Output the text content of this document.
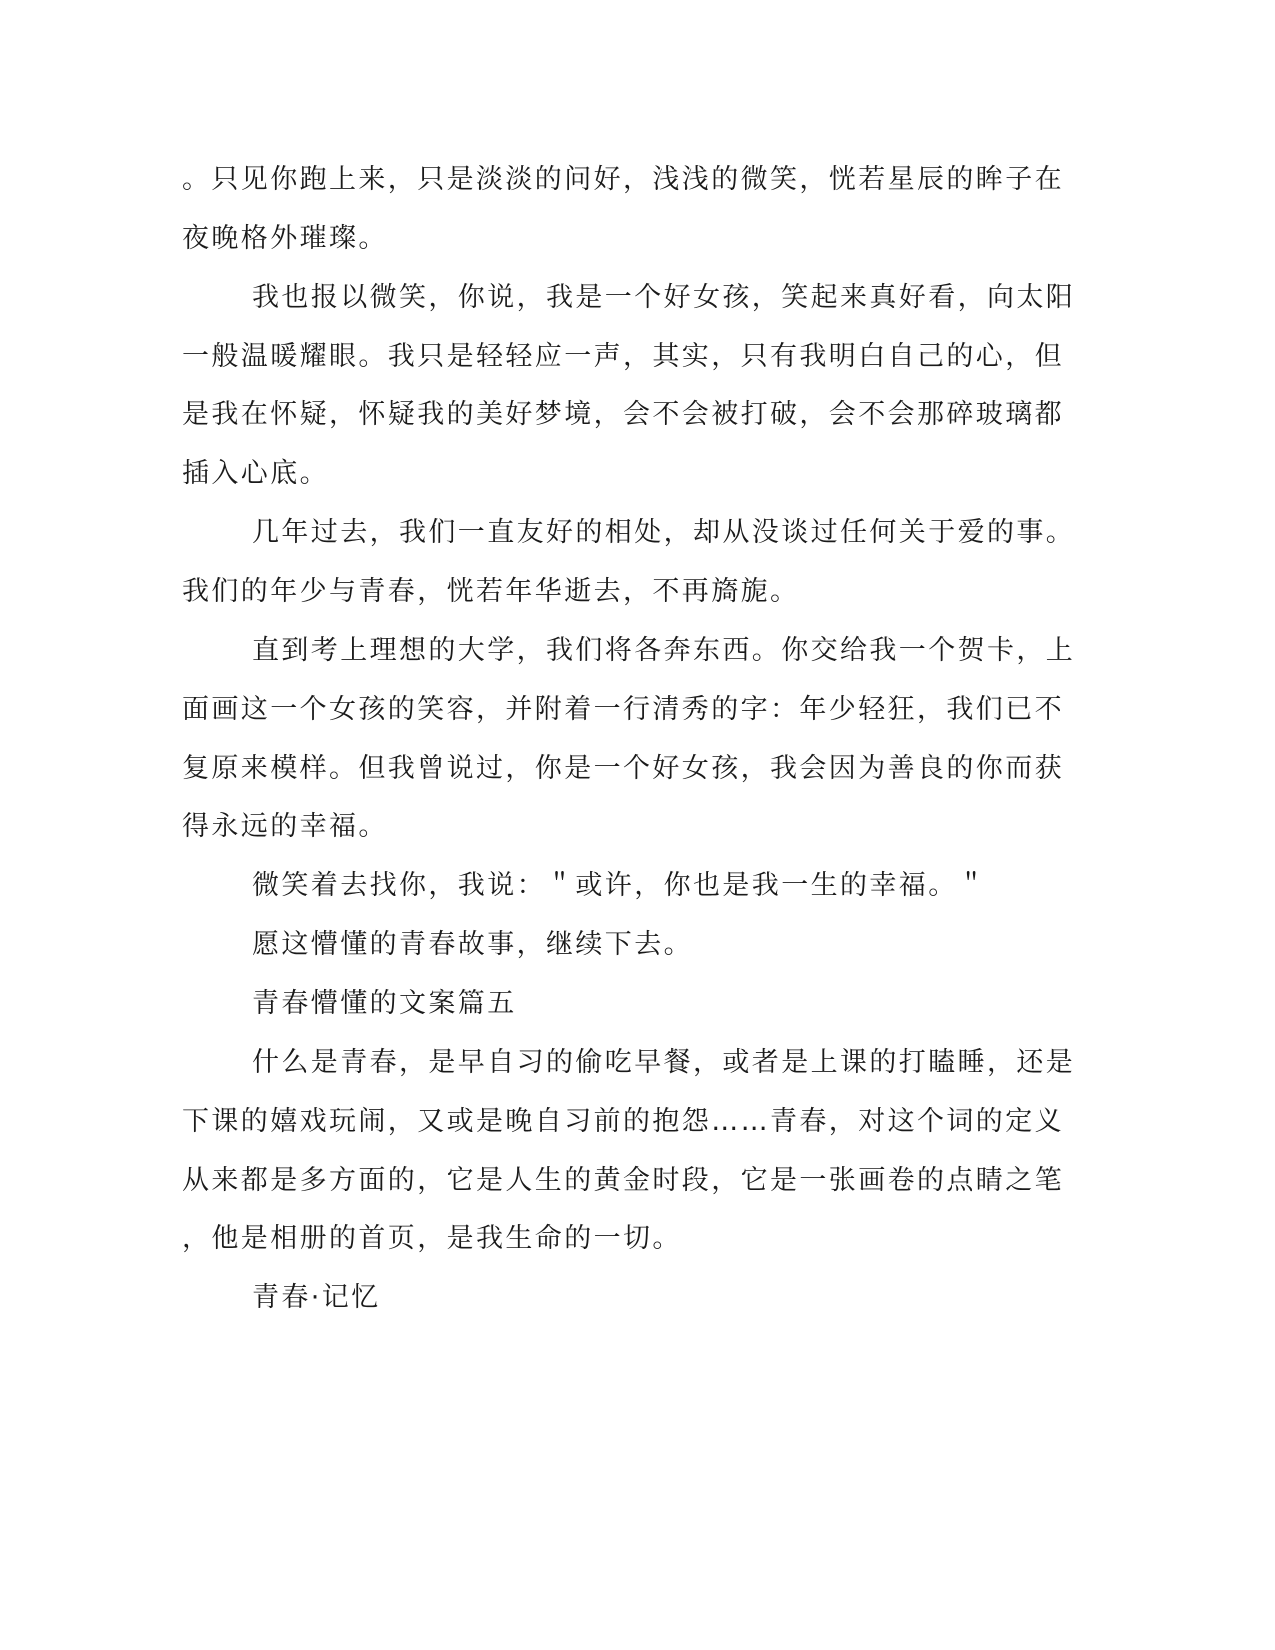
。只见你跑上来，只是淡淡的问好，浅浅的微笑，恍若星辰的眸子在
夜晚格外璀璨。
我也报以微笑，你说，我是一个好女孩，笑起来真好看，向太阳
一般温暖耀眼。我只是轻轻应一声，其实，只有我明白自己的心，但
是我在怀疑，怀疑我的美好梦境，会不会被打破，会不会那碎玻璃都
插入心底。
几年过去，我们一直友好的相处，却从没谈过任何关于爱的事。
我们的年少与青春，恍若年华逝去，不再旖旎。
直到考上理想的大学，我们将各奔东西。你交给我一个贺卡，上
面画这一个女孩的笑容，并附着一行清秀的字：年少轻狂，我们已不
复原来模样。但我曾说过，你是一个好女孩，我会因为善良的你而获
得永远的幸福。
微笑着去找你，我说：＂或许，你也是我一生的幸福。＂
愿这懵懂的青春故事，继续下去。
青春懵懂的文案篇五
什么是青春，是早自习的偷吃早餐，或者是上课的打瞌睡，还是
下课的嬉戏玩闹，又或是晚自习前的抱怨……青春，对这个词的定义
从来都是多方面的，它是人生的黄金时段，它是一张画卷的点睛之笔
，他是相册的首页，是我生命的一切。
青春·记忆
